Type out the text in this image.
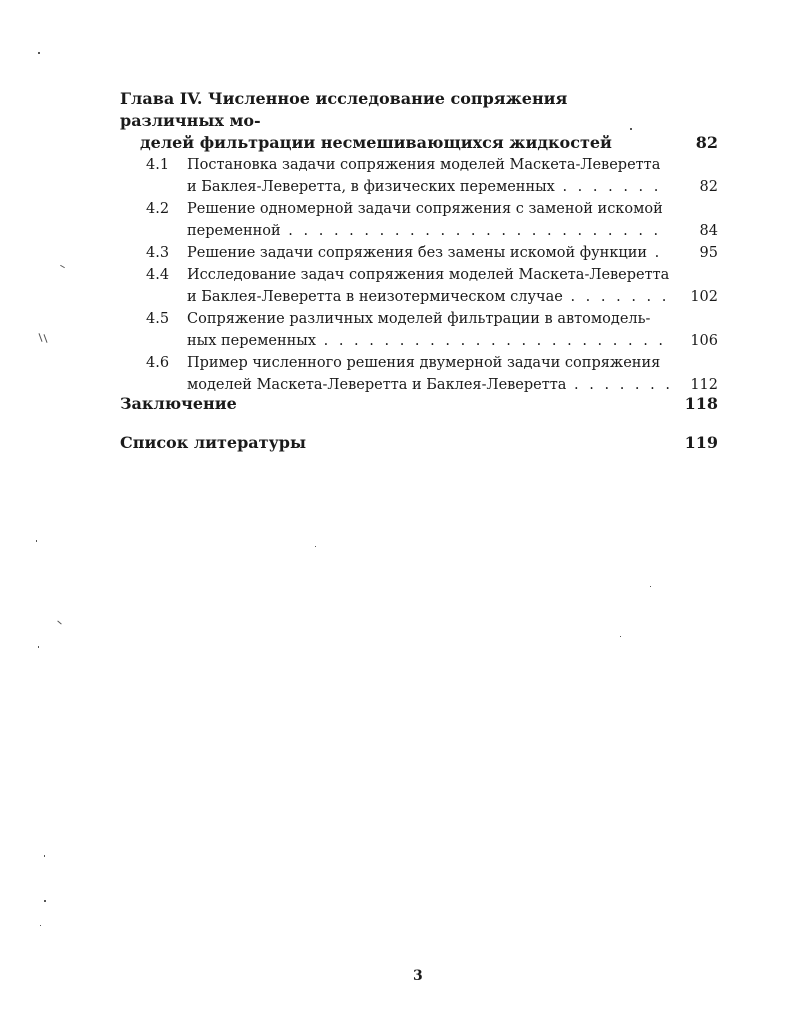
Глава IV. Численное исследование сопряжения различных мо-
делей фильтрации несмешивающихся жидкостей	82
4.1 Постановка задачи сопряжения моделей Маскета-Леверетта
и Баклея-Леверетта, в физических переменных . . .	82
4.2 Решение одномерной задачи сопряжения с заменой искомой
переменной . . .	84
4.3 Решение задачи сопряжения без замены искомой функции . . .	95
4.4 Исследование задач сопряжения моделей Маскета-Леверетта
и Баклея-Леверетта в неизотермическом случае . . .	102
4.5 Сопряжение различных моделей фильтрации в автомодель-
ных переменных . . .	106
4.6 Пример численного решения двумерной задачи сопряжения
моделей Маскета-Леверетта и Баклея-Леверетта . . .	112
Заключение	118
Список литературы	119
3
